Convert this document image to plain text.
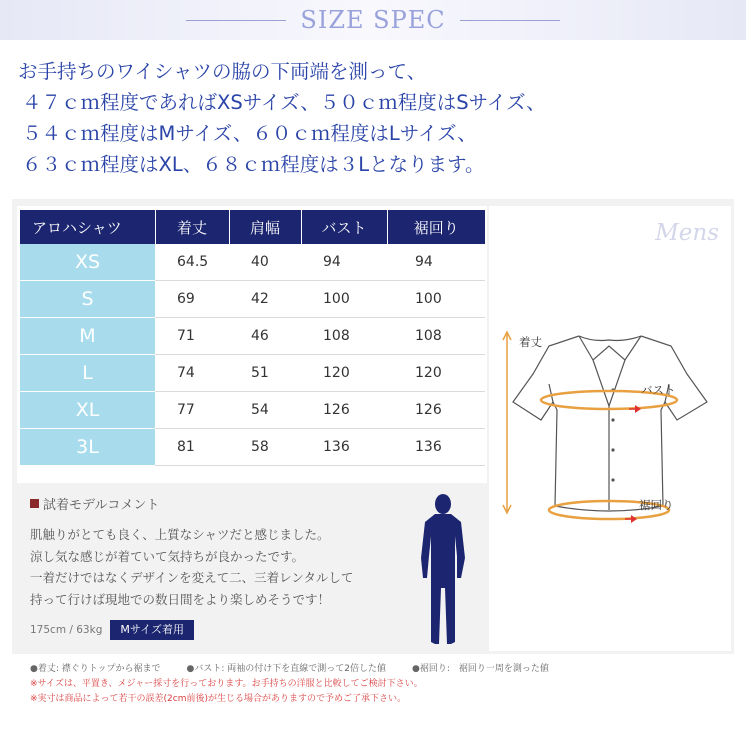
SIZE SPEC
お手持ちのワイシャツの脇の下両端を測って、
４７ｃｍ程度であればXSサイズ、５０ｃｍ程度はSサイズ、
５４ｃｍ程度はMサイズ、６０ｃｍ程度はLサイズ、
６３ｃｍ程度はXL、６８ｃｍ程度は３Lとなります。
アロハシャツ	着丈	肩幅	バスト	裾回り
XS	64.5	40	94	94
S	69	42	100	100
M	71	46	108	108
L	74	51	120	120
XL	77	54	126	126
3L	81	58	136	136
試着モデルコメント
肌触りがとても良く、上質なシャツだと感じました。
涼し気な感じが着ていて気持ちが良かったです。
一着だけではなくデザインを変えて二、三着レンタルして
持って行けば現地での数日間をより楽しめそうです！
175cm / 63kg	Mサイズ着用
Mens
着丈
バスト
裾回り
●着丈: 襟ぐりトップから裾まで	●バスト: 両袖の付け下を直線で測って2倍した値	●裾回り:　裾回り一周を測った値
※サイズは、平置き、メジャー採寸を行っております。お手持ちの洋服と比較してご検討下さい。
※実寸は商品によって若干の誤差(2cm前後)が生じる場合がありますので予めご了承下さい。
